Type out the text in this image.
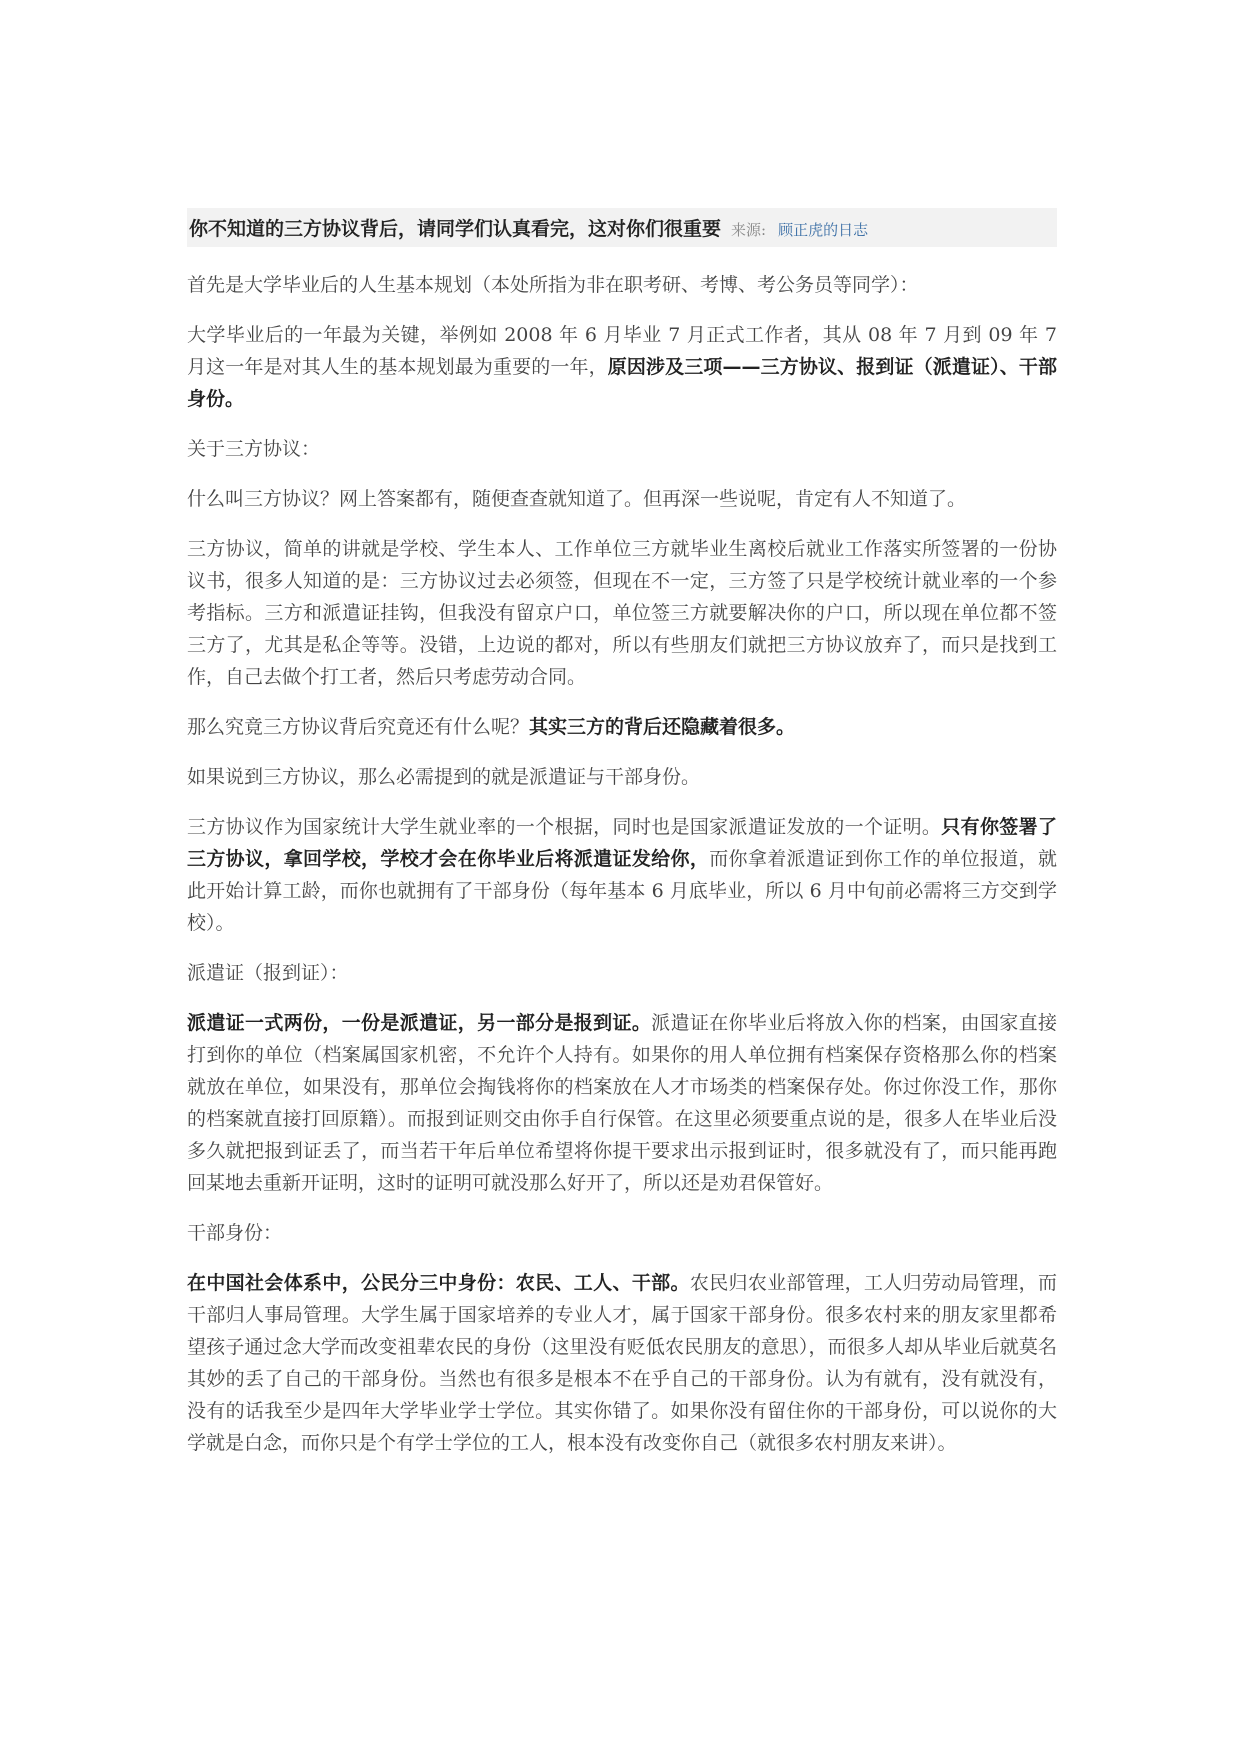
你不知道的三方协议背后，请同学们认真看完，这对你们很重要 来源: 顾正虎的日志

首先是大学毕业后的人生基本规划（本处所指为非在职考研、考博、考公务员等同学）：

大学毕业后的一年最为关键，举例如 2008 年 6 月毕业 7 月正式工作者，其从 08 年 7 月到 09 年 7 月这一年是对其人生的基本规划最为重要的一年，原因涉及三项——三方协议、报到证（派遣证）、干部身份。

关于三方协议：

什么叫三方协议？网上答案都有，随便查查就知道了。但再深一些说呢，肯定有人不知道了。

三方协议，简单的讲就是学校、学生本人、工作单位三方就毕业生离校后就业工作落实所签署的一份协议书，很多人知道的是：三方协议过去必须签，但现在不一定，三方签了只是学校统计就业率的一个参考指标。三方和派遣证挂钩，但我没有留京户口，单位签三方就要解决你的户口，所以现在单位都不签三方了，尤其是私企等等。没错，上边说的都对，所以有些朋友们就把三方协议放弃了，而只是找到工作，自己去做个打工者，然后只考虑劳动合同。

那么究竟三方协议背后究竟还有什么呢？其实三方的背后还隐藏着很多。

如果说到三方协议，那么必需提到的就是派遣证与干部身份。

三方协议作为国家统计大学生就业率的一个根据，同时也是国家派遣证发放的一个证明。只有你签署了三方协议，拿回学校，学校才会在你毕业后将派遣证发给你，而你拿着派遣证到你工作的单位报道，就此开始计算工龄，而你也就拥有了干部身份（每年基本 6 月底毕业，所以 6 月中旬前必需将三方交到学校）。

派遣证（报到证）：

派遣证一式两份，一份是派遣证，另一部分是报到证。派遣证在你毕业后将放入你的档案，由国家直接打到你的单位（档案属国家机密，不允许个人持有。如果你的用人单位拥有档案保存资格那么你的档案就放在单位，如果没有，那单位会掏钱将你的档案放在人才市场类的档案保存处。你过你没工作，那你的档案就直接打回原籍）。而报到证则交由你手自行保管。在这里必须要重点说的是，很多人在毕业后没多久就把报到证丢了，而当若干年后单位希望将你提干要求出示报到证时，很多就没有了，而只能再跑回某地去重新开证明，这时的证明可就没那么好开了，所以还是劝君保管好。

干部身份：

在中国社会体系中，公民分三中身份：农民、工人、干部。农民归农业部管理，工人归劳动局管理，而干部归人事局管理。大学生属于国家培养的专业人才，属于国家干部身份。很多农村来的朋友家里都希望孩子通过念大学而改变祖辈农民的身份（这里没有贬低农民朋友的意思），而很多人却从毕业后就莫名其妙的丢了自己的干部身份。当然也有很多是根本不在乎自己的干部身份。认为有就有，没有就没有，没有的话我至少是四年大学毕业学士学位。其实你错了。如果你没有留住你的干部身份，可以说你的大学就是白念，而你只是个有学士学位的工人，根本没有改变你自己（就很多农村朋友来讲）。
